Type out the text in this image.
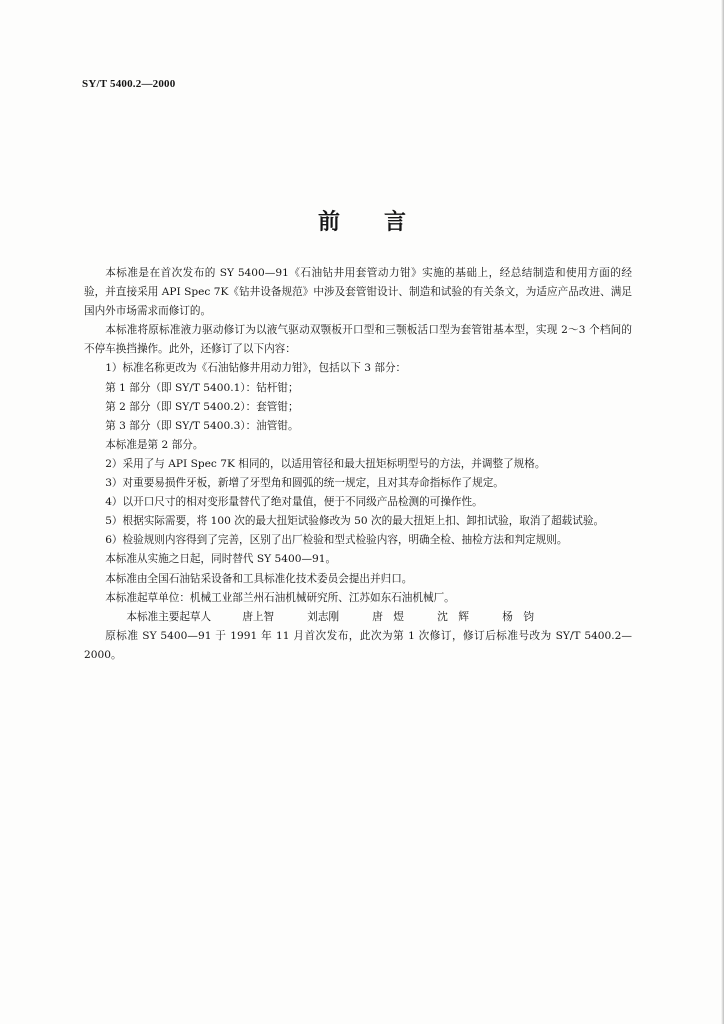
SY/T 5400.2—2000
前言

本标准是在首次发布的 SY 5400—91《石油钻井用套管动力钳》实施的基础上，经总结制造和使用方面的经验，并直接采用 API Spec 7K《钻井设备规范》中涉及套管钳设计、制造和试验的有关条文，为适应产品改进、满足国内外市场需求而修订的。

本标准将原标准液力驱动修订为以液气驱动双颚板开口型和三颚板活口型为套管钳基本型，实现 2～3 个档间的不停车换挡操作。此外，还修订了以下内容：

1）标准名称更改为《石油钻修井用动力钳》，包括以下 3 部分：

第 1 部分（即 SY/T 5400.1）：钻杆钳；

第 2 部分（即 SY/T 5400.2）：套管钳；

第 3 部分（即 SY/T 5400.3）：油管钳。

本标准是第 2 部分。

2）采用了与 API Spec 7K 相同的，以适用管径和最大扭矩标明型号的方法，并调整了规格。

3）对重要易损件牙板，新增了牙型角和圆弧的统一规定，且对其寿命指标作了规定。

4）以开口尺寸的相对变形量替代了绝对量值，便于不同级产品检测的可操作性。

5）根据实际需要，将 100 次的最大扭矩试验修改为 50 次的最大扭矩上扣、卸扣试验，取消了超载试验。

6）检验规则内容得到了完善，区别了出厂检验和型式检验内容，明确全检、抽检方法和判定规则。

本标准从实施之日起，同时替代 SY 5400—91。

本标准由全国石油钻采设备和工具标准化技术委员会提出并归口。

本标准起草单位：机械工业部兰州石油机械研究所、江苏如东石油机械厂。

本标准主要起草人	唐上智	刘志刚	唐　煜	沈　辉	杨　钧

原标准 SY 5400—91 于 1991 年 11 月首次发布，此次为第 1 次修订，修订后标准号改为 SY/T 5400.2—2000。
